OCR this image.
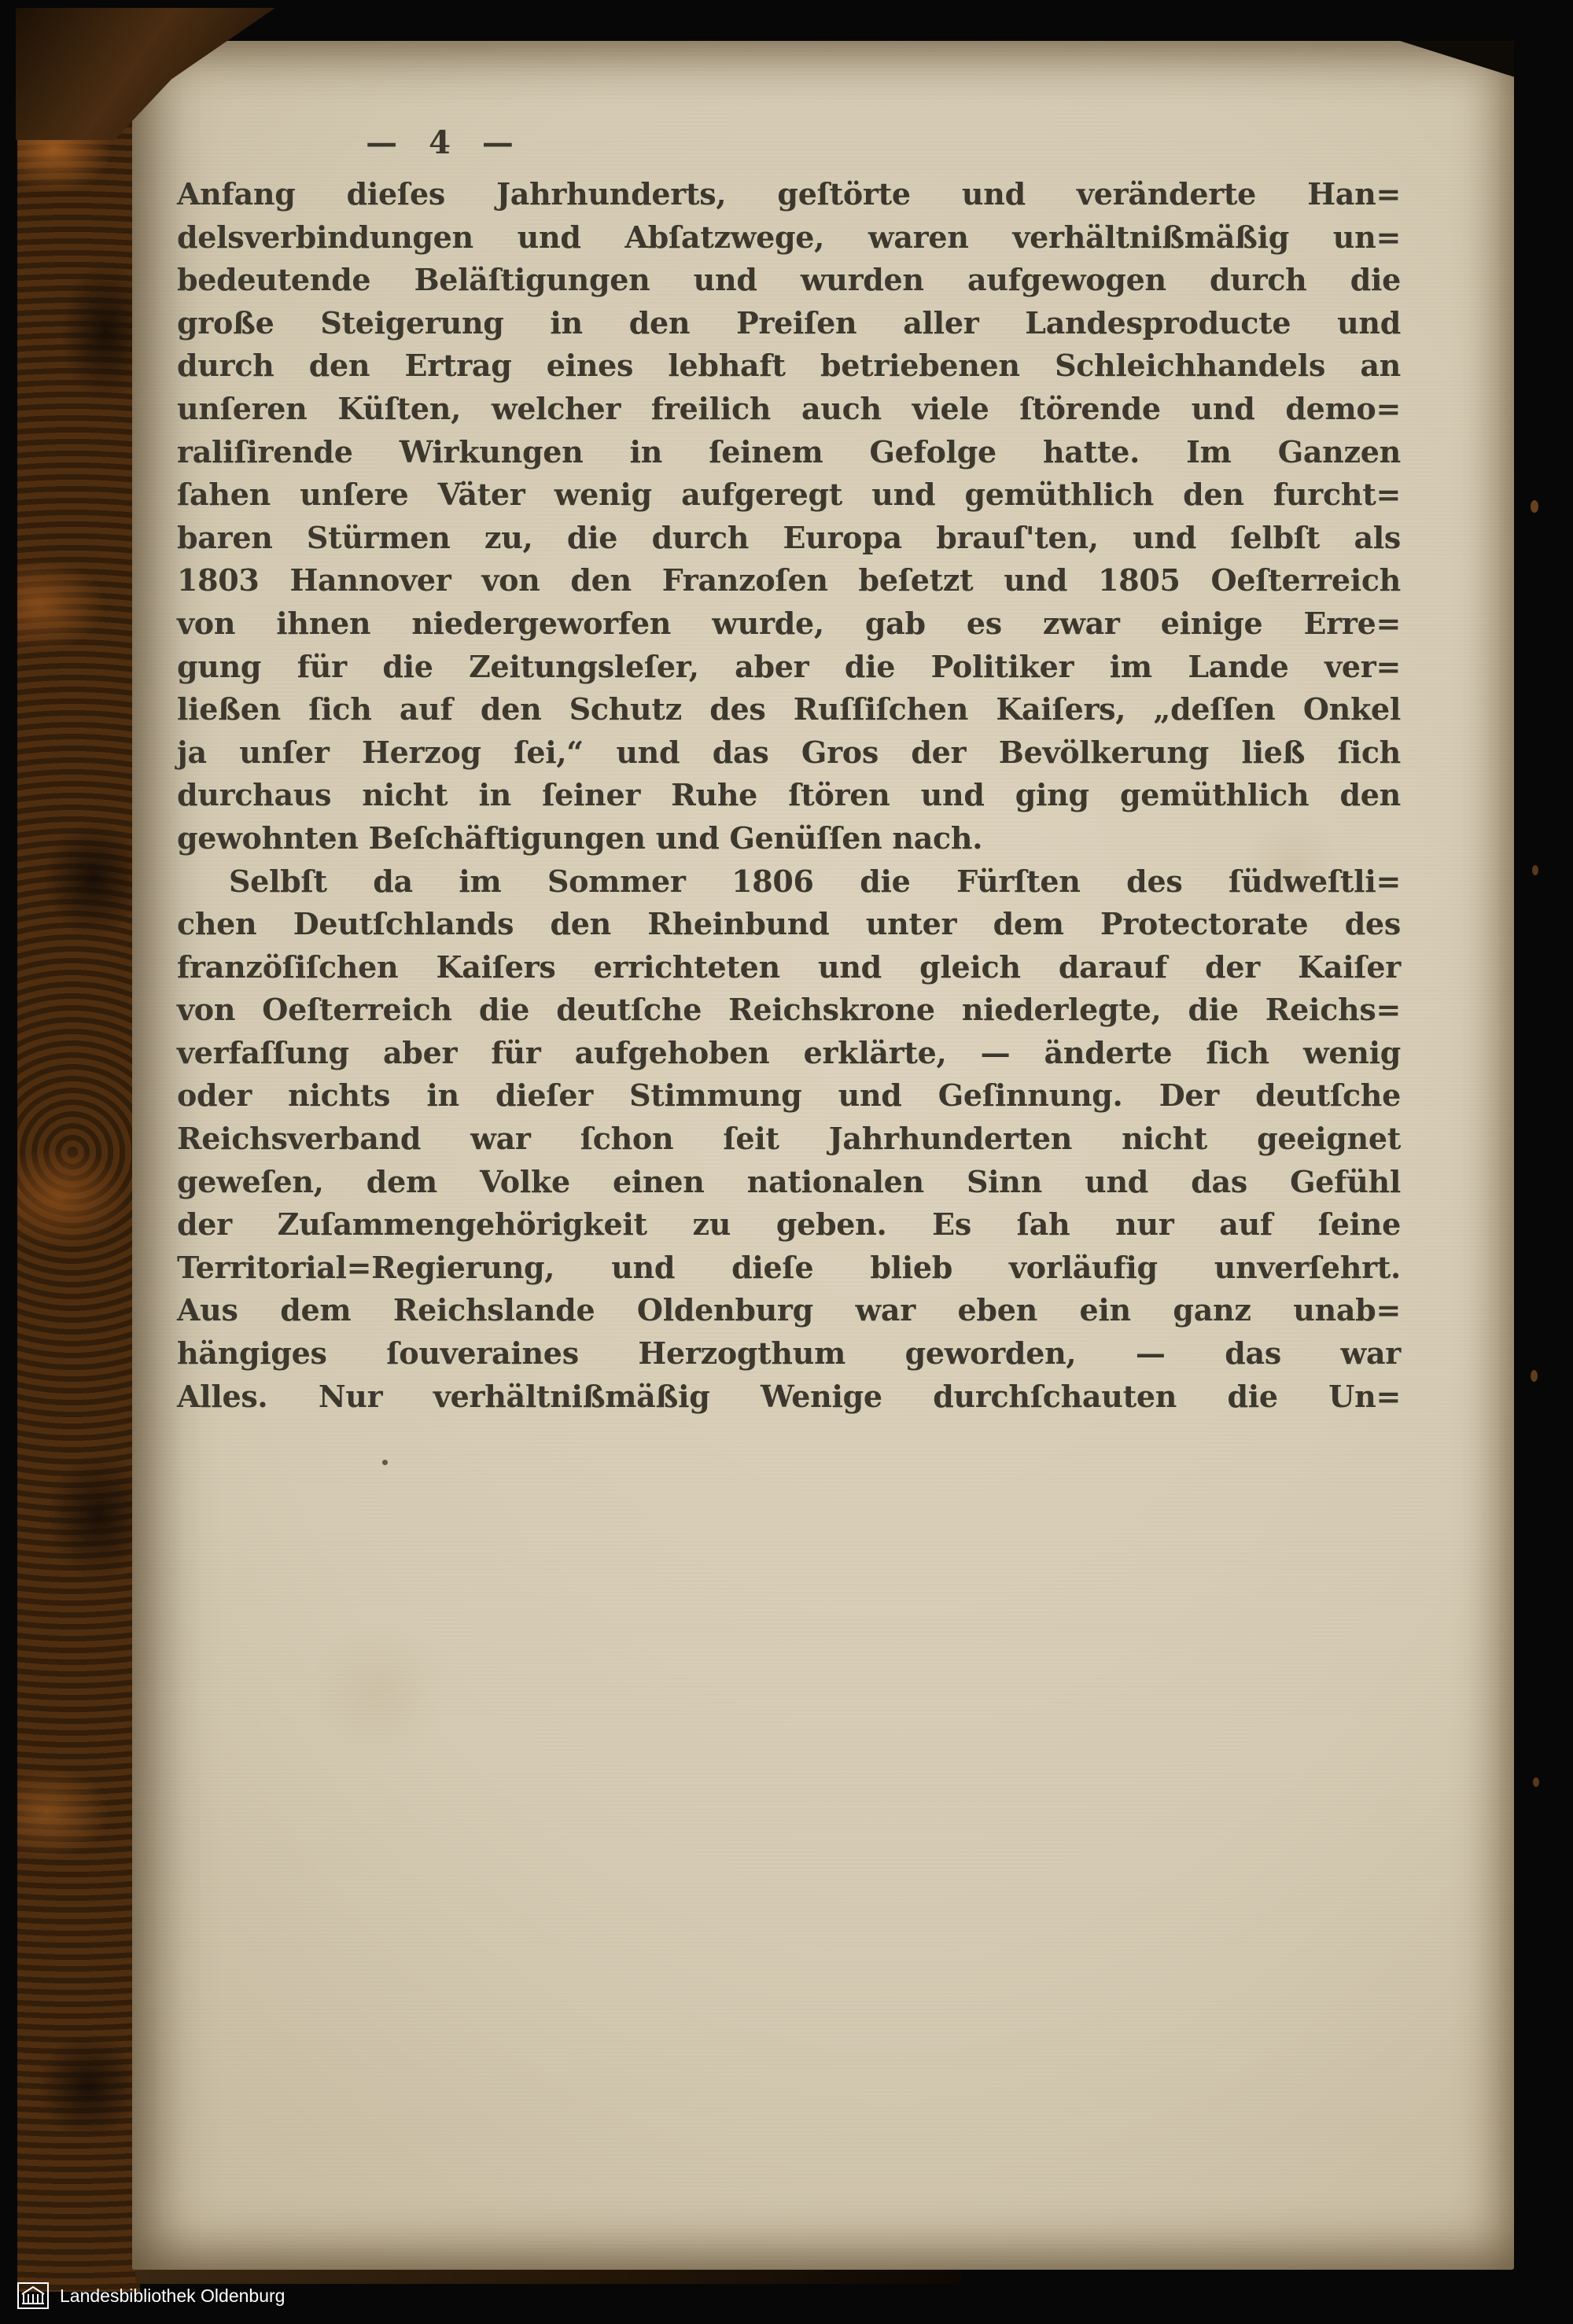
— 4 —
Anfang dieſes Jahrhunderts, geſtörte und veränderte Han=
delsverbindungen und Abſatzwege, waren verhältnißmäßig un=
bedeutende Beläſtigungen und wurden aufgewogen durch die
große Steigerung in den Preiſen aller Landesproducte und
durch den Ertrag eines lebhaft betriebenen Schleichhandels an
unſeren Küſten, welcher freilich auch viele ſtörende und demo=
raliſirende Wirkungen in ſeinem Gefolge hatte. Im Ganzen
ſahen unſere Väter wenig aufgeregt und gemüthlich den furcht=
baren Stürmen zu, die durch Europa brauſ'ten, und ſelbſt als
1803 Hannover von den Franzoſen beſetzt und 1805 Oeſterreich
von ihnen niedergeworfen wurde, gab es zwar einige Erre=
gung für die Zeitungsleſer, aber die Politiker im Lande ver=
ließen ſich auf den Schutz des Ruſſiſchen Kaiſers, „deſſen Onkel
ja unſer Herzog ſei,“ und das Gros der Bevölkerung ließ ſich
durchaus nicht in ſeiner Ruhe ſtören und ging gemüthlich den
gewohnten Beſchäftigungen und Genüſſen nach.
Selbſt da im Sommer 1806 die Fürſten des ſüdweſtli=
chen Deutſchlands den Rheinbund unter dem Protectorate des
franzöſiſchen Kaiſers errichteten und gleich darauf der Kaiſer
von Oeſterreich die deutſche Reichskrone niederlegte, die Reichs=
verfaſſung aber für aufgehoben erklärte, — änderte ſich wenig
oder nichts in dieſer Stimmung und Geſinnung. Der deutſche
Reichsverband war ſchon ſeit Jahrhunderten nicht geeignet
geweſen, dem Volke einen nationalen Sinn und das Gefühl
der Zuſammengehörigkeit zu geben. Es ſah nur auf ſeine
Territorial=Regierung, und dieſe blieb vorläufig unverſehrt.
Aus dem Reichslande Oldenburg war eben ein ganz unab=
hängiges ſouveraines Herzogthum geworden, — das war
Alles. Nur verhältnißmäßig Wenige durchſchauten die Un=
Landesbibliothek Oldenburg
